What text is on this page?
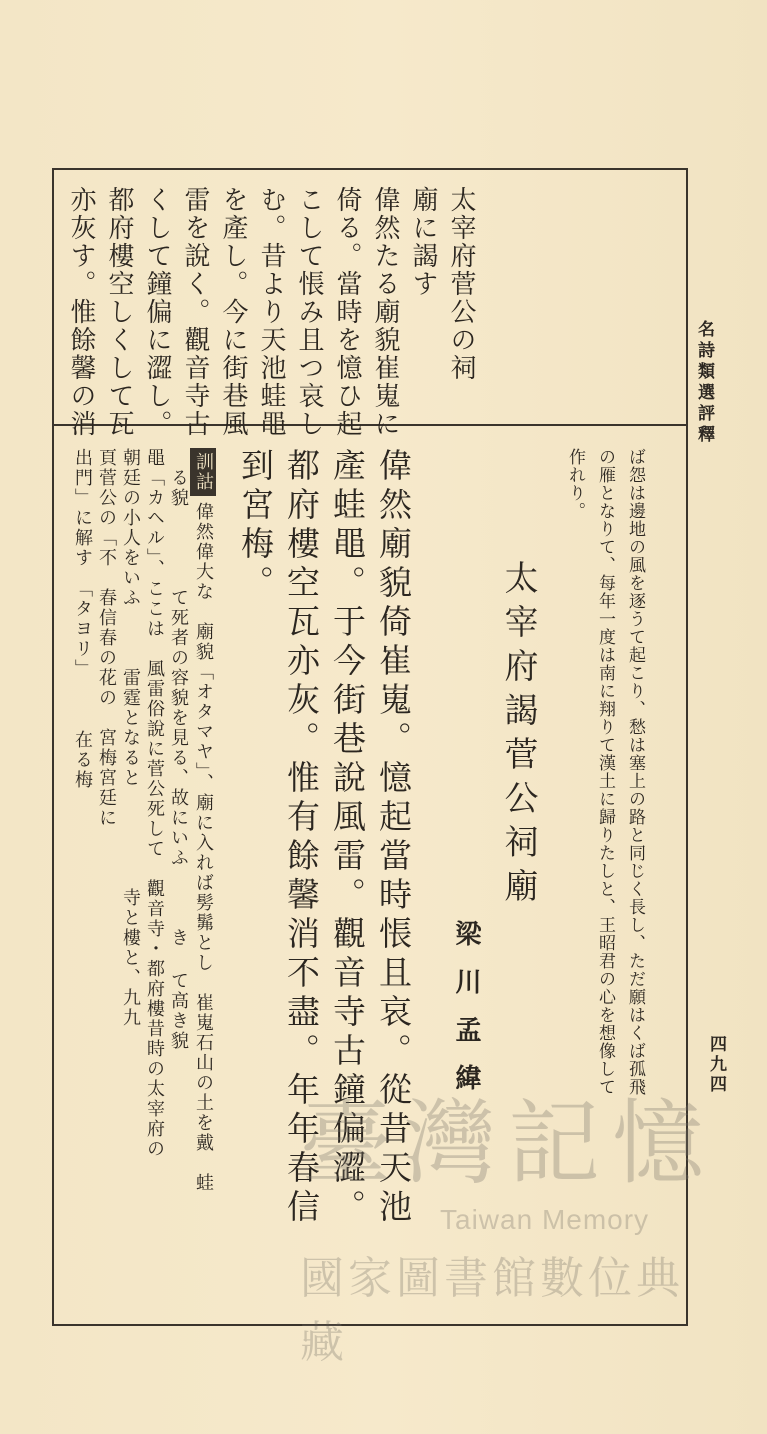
名詩類選評釋
四九四
太宰府菅公の祠
廟に謁す
偉然たる廟貌崔嵬に
倚る。當時を憶ひ起
こして悵み且つ哀し
む。昔より天池蛙黽
を產し。今に街巷風
雷を說く。觀音寺古
くして鐘偏に澀し。
都府樓空しくして瓦
亦灰す。惟餘馨の消
ば怨は邊地の風を逐うて起こり、愁は塞上の路と同じく長し、ただ願はくば孤飛
の雁となりて、每年一度は南に翔りて漢土に歸りたしと、王昭君の心を想像して
作れり。
太宰府謁菅公祠廟
梁川孟緯
偉然廟貌倚崔嵬。憶起當時悵且哀。從昔天池
產蛙黽。于今街巷說風雷。觀音寺古鐘偏澀。
都府樓空瓦亦灰。惟有餘馨消不盡。年年春信
到宮梅。
訓詁偉然偉大な　廟貌「オタマヤ」、廟に入れば髣髴とし　崔嵬石山の土を戴　蛙
　る貌　　　　て死者の容貌を見る、故にいふ　　　き て高き貌
黽「カヘル」、ここは　風雷俗說に菅公死して　觀音寺・都府樓昔時の太宰府の
朝廷の小人をいふ　　　雷霆となると　　　　　寺と樓と、九九
頁菅公の「不　春信春の花の　宮梅宮廷に
出門」に解す　「タヨリ」　　　在る梅
臺灣記憶
Taiwan Memory
國家圖書館數位典藏
